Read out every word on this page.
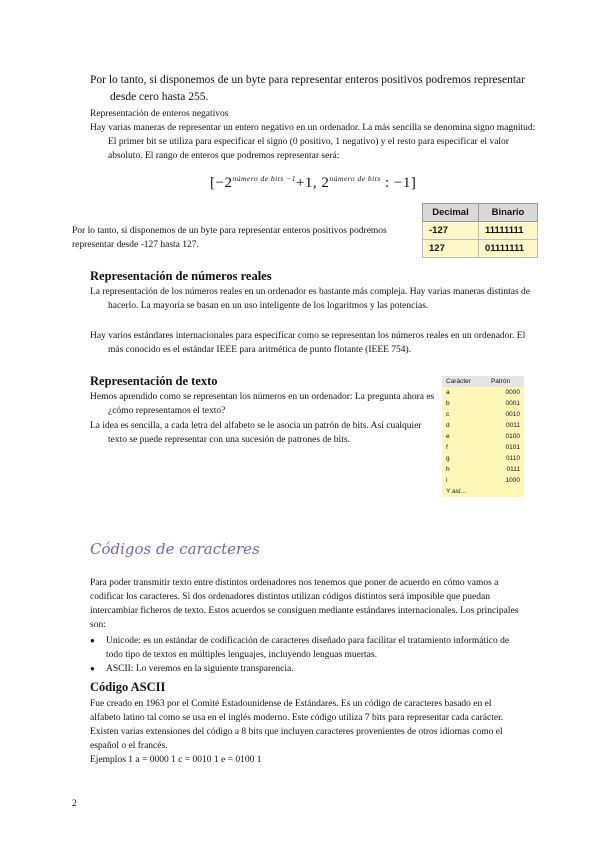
Por lo tanto, si disponemos de un byte para representar enteros positivos podremos representar desde cero hasta 255.
Representación de enteros negativos
Hay varias maneras de representar un entero negativo en un ordenador. La más sencilla se denomina signo magnitud: El primer bit se utiliza para especificar el signo (0 positivo, 1 negativo) y el resto para especificar el valor absoluto. El rango de enteros que podremos representar será:
[$-2^{número de bits -1}+1$, $2^{número de bits}$ : −1]
Por lo tanto, si disponemos de un byte para representar enteros positivos podremos representar desde -127 hasta 127.
Decimal	Binario
-127	11111111
127	01111111
Representación de números reales
La representación de los números reales en un ordenador es bastante más compleja. Hay varias maneras distintas de hacerlo. La mayoría se basan en un uso inteligente de los logaritmos y las potencias.
Hay varios estándares internacionales para especificar como se representan los números reales en un ordenador. El más conocido es el estándar IEEE para aritmética de punto flotante (IEEE 754).
Representación de texto
Hemos aprendido como se representan los números en un ordenador: La pregunta ahora es ¿cómo representamos el texto?
La idea es sencilla, a cada letra del alfabeto se le asocia un patrón de bits. Así cualquier texto se puede representar con una sucesión de patrones de bits.
Carácter	Patrón
a	0000
b	0001
c	0010
d	0011
e	0100
f	0101
g	0110
h	0111
i	1000
Y así...	
Códigos de caracteres
Para poder transmitir texto entre distintos ordenadores nos tenemos que poner de acuerdo en cómo vamos a codificar los caracteres. Si dos ordenadores distintos utilizan códigos distintos será imposible que puedan intercambiar ficheros de texto. Estos acuerdos se consiguen mediante estándares internacionales. Los principales son:
● Unicode: es un estándar de codificación de caracteres diseñado para facilitar el tratamiento informático de todo tipo de textos en múltiples lenguajes, incluyendo lenguas muertas.
● ASCII: Lo veremos en la siguiente transparencia.
Código ASCII
Fue creado en 1963 por el Comité Estadounidense de Estándares. Es un código de caracteres basado en el alfabeto latino tal como se usa en el inglés moderno. Este código utiliza 7 bits para representar cada carácter. Existen varias extensiones del código a 8 bits que incluyen caracteres provenientes de otros idiomas como el español o el francés.
Ejemplos 1 a = 0000 1 c = 0010 1 e = 0100 1
2
